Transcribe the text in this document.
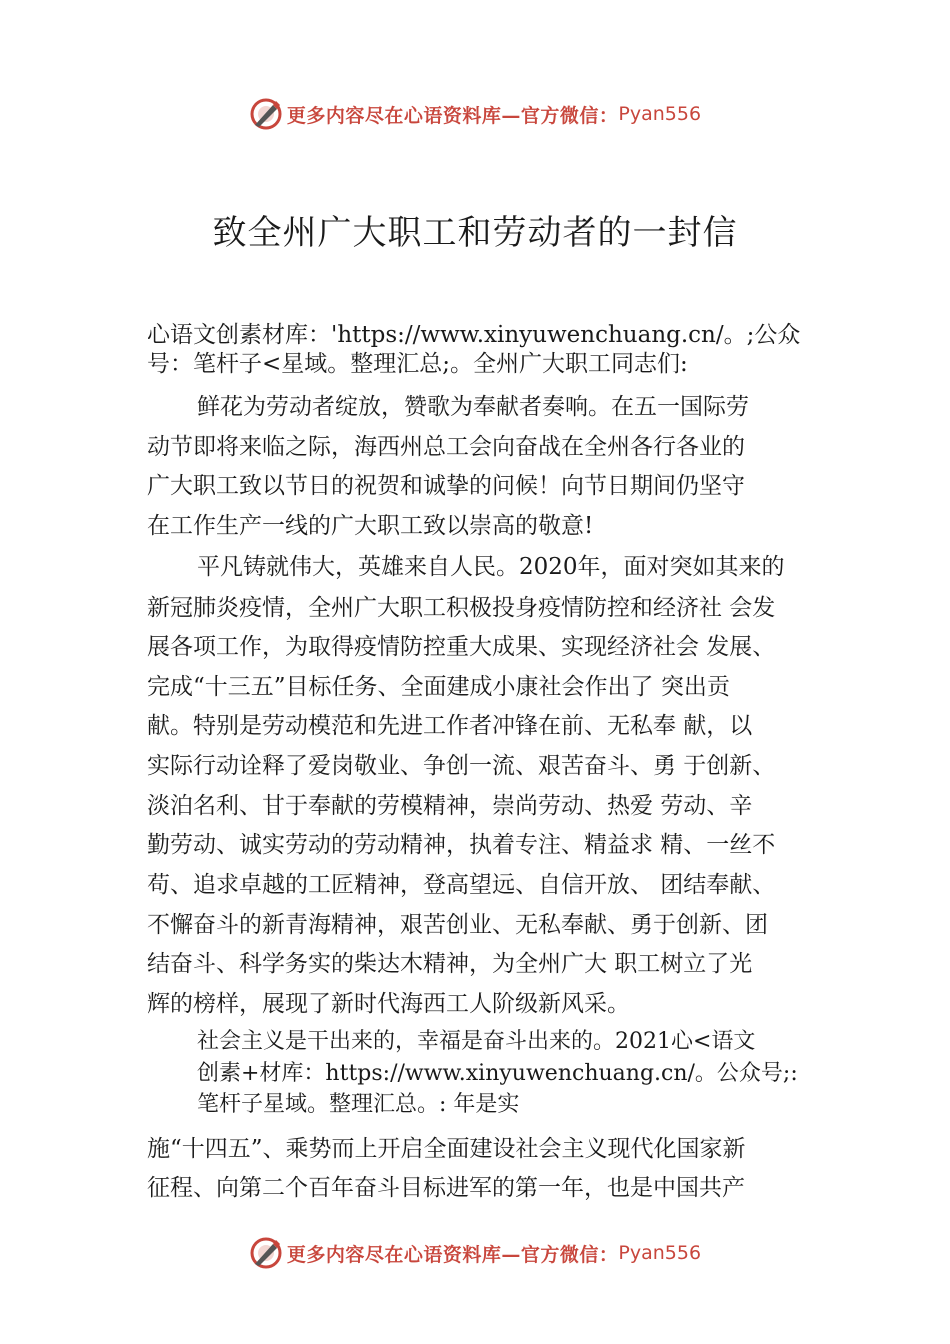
更多内容尽在心语资料库—官方微信： Pyan556
致全州广大职工和劳动者的一封信
心语文创素材库：'https://www.xinyuwenchuang.cn/。;公众
号：笔杆子<星域。整理汇总;。全州广大职工同志们:
鲜花为劳动者绽放，赞歌为奉献者奏响。在五一国际劳
动节即将来临之际，海西州总工会向奋战在全州各行各业的
广大职工致以节日的祝贺和诚挚的问候！向节日期间仍坚守
在工作生产一线的广大职工致以崇高的敬意!
平凡铸就伟大，英雄来自人民。2020年，面对突如其来的
新冠肺炎疫情，全州广大职工积极投身疫情防控和经济社 会发
展各项工作，为取得疫情防控重大成果、实现经济社会 发展、
完成“十三五”目标任务、全面建成小康社会作出了 突出贡
献。特别是劳动模范和先进工作者冲锋在前、无私奉 献，以
实际行动诠释了爱岗敬业、争创一流、艰苦奋斗、勇 于创新、
淡泊名利、甘于奉献的劳模精神，崇尚劳动、热爱 劳动、辛
勤劳动、诚实劳动的劳动精神，执着专注、精益求 精、一丝不
苟、追求卓越的工匠精神，登高望远、自信开放、 团结奉献、
不懈奋斗的新青海精神，艰苦创业、无私奉献、勇于创新、团
结奋斗、科学务实的柴达木精神，为全州广大 职工树立了光
辉的榜样，展现了新时代海西工人阶级新风采。
社会主义是干出来的，幸福是奋斗出来的。2021心<语文
创素+材库：https://www.xinyuwenchuang.cn/。公众号;:
笔杆子星域。整理汇总。: 年是实
施“十四五”、乘势而上开启全面建设社会主义现代化国家新
征程、向第二个百年奋斗目标进军的第一年，也是中国共产
更多内容尽在心语资料库—官方微信： Pyan556
